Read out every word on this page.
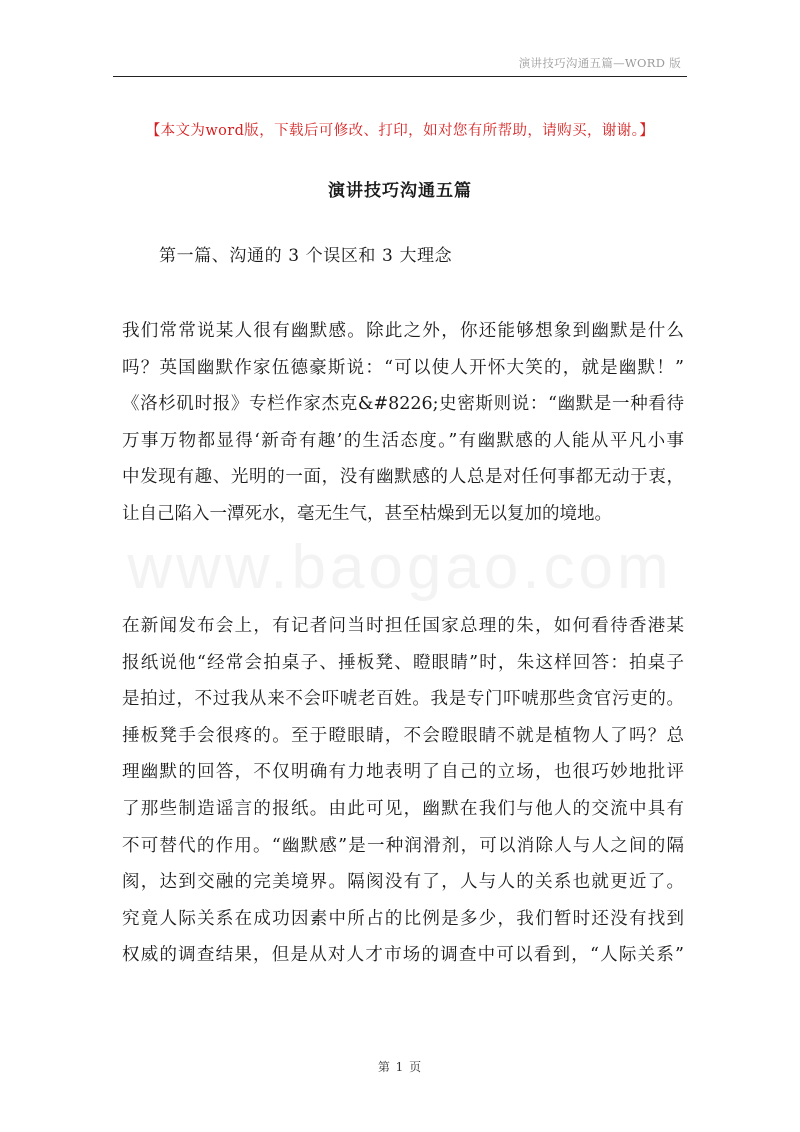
演讲技巧沟通五篇—WORD 版
【本文为word版，下载后可修改、打印，如对您有所帮助，请购买，谢谢。】
演讲技巧沟通五篇
第一篇、沟通的 3 个误区和 3 大理念
www.baogao.com
我们常常说某人很有幽默感。除此之外，你还能够想象到幽默是什么
吗？英国幽默作家伍德豪斯说：“可以使人开怀大笑的，就是幽默！”
《洛杉矶时报》专栏作家杰克&#8226;史密斯则说：“幽默是一种看待
万事万物都显得‘新奇有趣’的生活态度。”有幽默感的人能从平凡小事
中发现有趣、光明的一面，没有幽默感的人总是对任何事都无动于衷，
让自己陷入一潭死水，毫无生气，甚至枯燥到无以复加的境地。
在新闻发布会上，有记者问当时担任国家总理的朱，如何看待香港某
报纸说他“经常会拍桌子、捶板凳、瞪眼睛”时，朱这样回答：拍桌子
是拍过，不过我从来不会吓唬老百姓。我是专门吓唬那些贪官污吏的。
捶板凳手会很疼的。至于瞪眼睛，不会瞪眼睛不就是植物人了吗？总
理幽默的回答，不仅明确有力地表明了自己的立场，也很巧妙地批评
了那些制造谣言的报纸。由此可见，幽默在我们与他人的交流中具有
不可替代的作用。“幽默感”是一种润滑剂，可以消除人与人之间的隔
阂，达到交融的完美境界。隔阂没有了，人与人的关系也就更近了。
究竟人际关系在成功因素中所占的比例是多少，我们暂时还没有找到
权威的调查结果，但是从对人才市场的调查中可以看到，“人际关系”
第 1 页
